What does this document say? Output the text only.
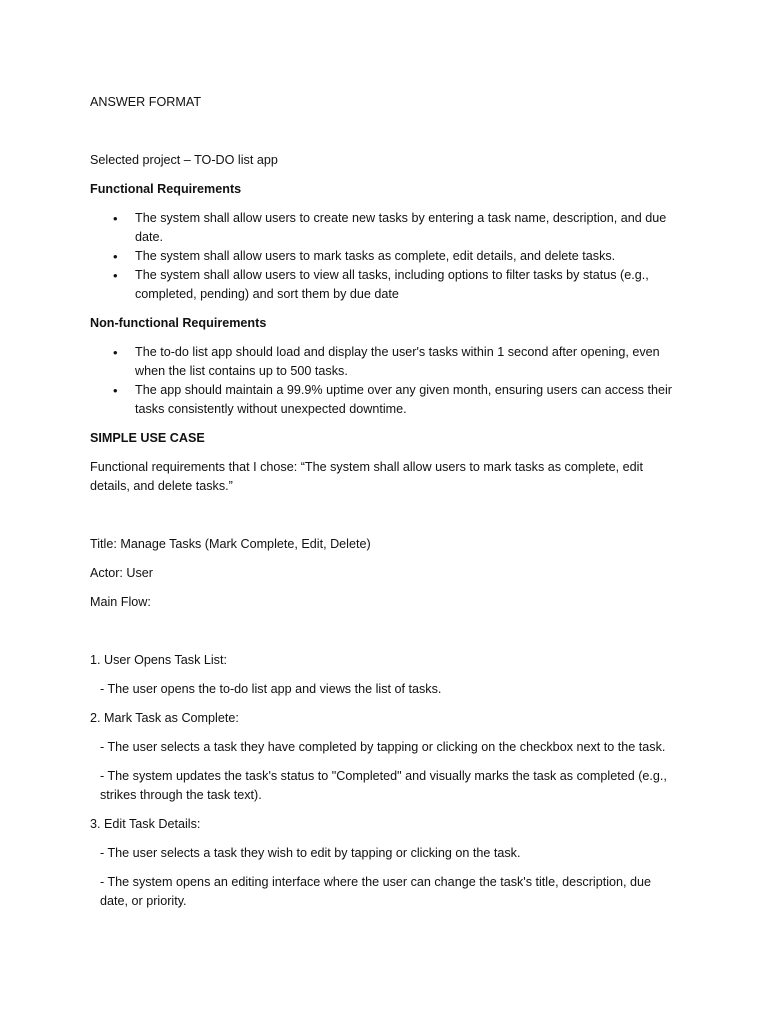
ANSWER FORMAT

Selected project – TO-DO list app

Functional Requirements

• The system shall allow users to create new tasks by entering a task name, description, and due date.
• The system shall allow users to mark tasks as complete, edit details, and delete tasks.
• The system shall allow users to view all tasks, including options to filter tasks by status (e.g., completed, pending) and sort them by due date

Non-functional Requirements

• The to-do list app should load and display the user's tasks within 1 second after opening, even when the list contains up to 500 tasks.
• The app should maintain a 99.9% uptime over any given month, ensuring users can access their tasks consistently without unexpected downtime.

SIMPLE USE CASE

Functional requirements that I chose: “The system shall allow users to mark tasks as complete, edit details, and delete tasks.”

Title: Manage Tasks (Mark Complete, Edit, Delete)

Actor: User

Main Flow:

1. User Opens Task List:

- The user opens the to-do list app and views the list of tasks.

2. Mark Task as Complete:

- The user selects a task they have completed by tapping or clicking on the checkbox next to the task.

- The system updates the task's status to "Completed" and visually marks the task as completed (e.g., strikes through the task text).

3. Edit Task Details:

- The user selects a task they wish to edit by tapping or clicking on the task.

- The system opens an editing interface where the user can change the task's title, description, due date, or priority.
